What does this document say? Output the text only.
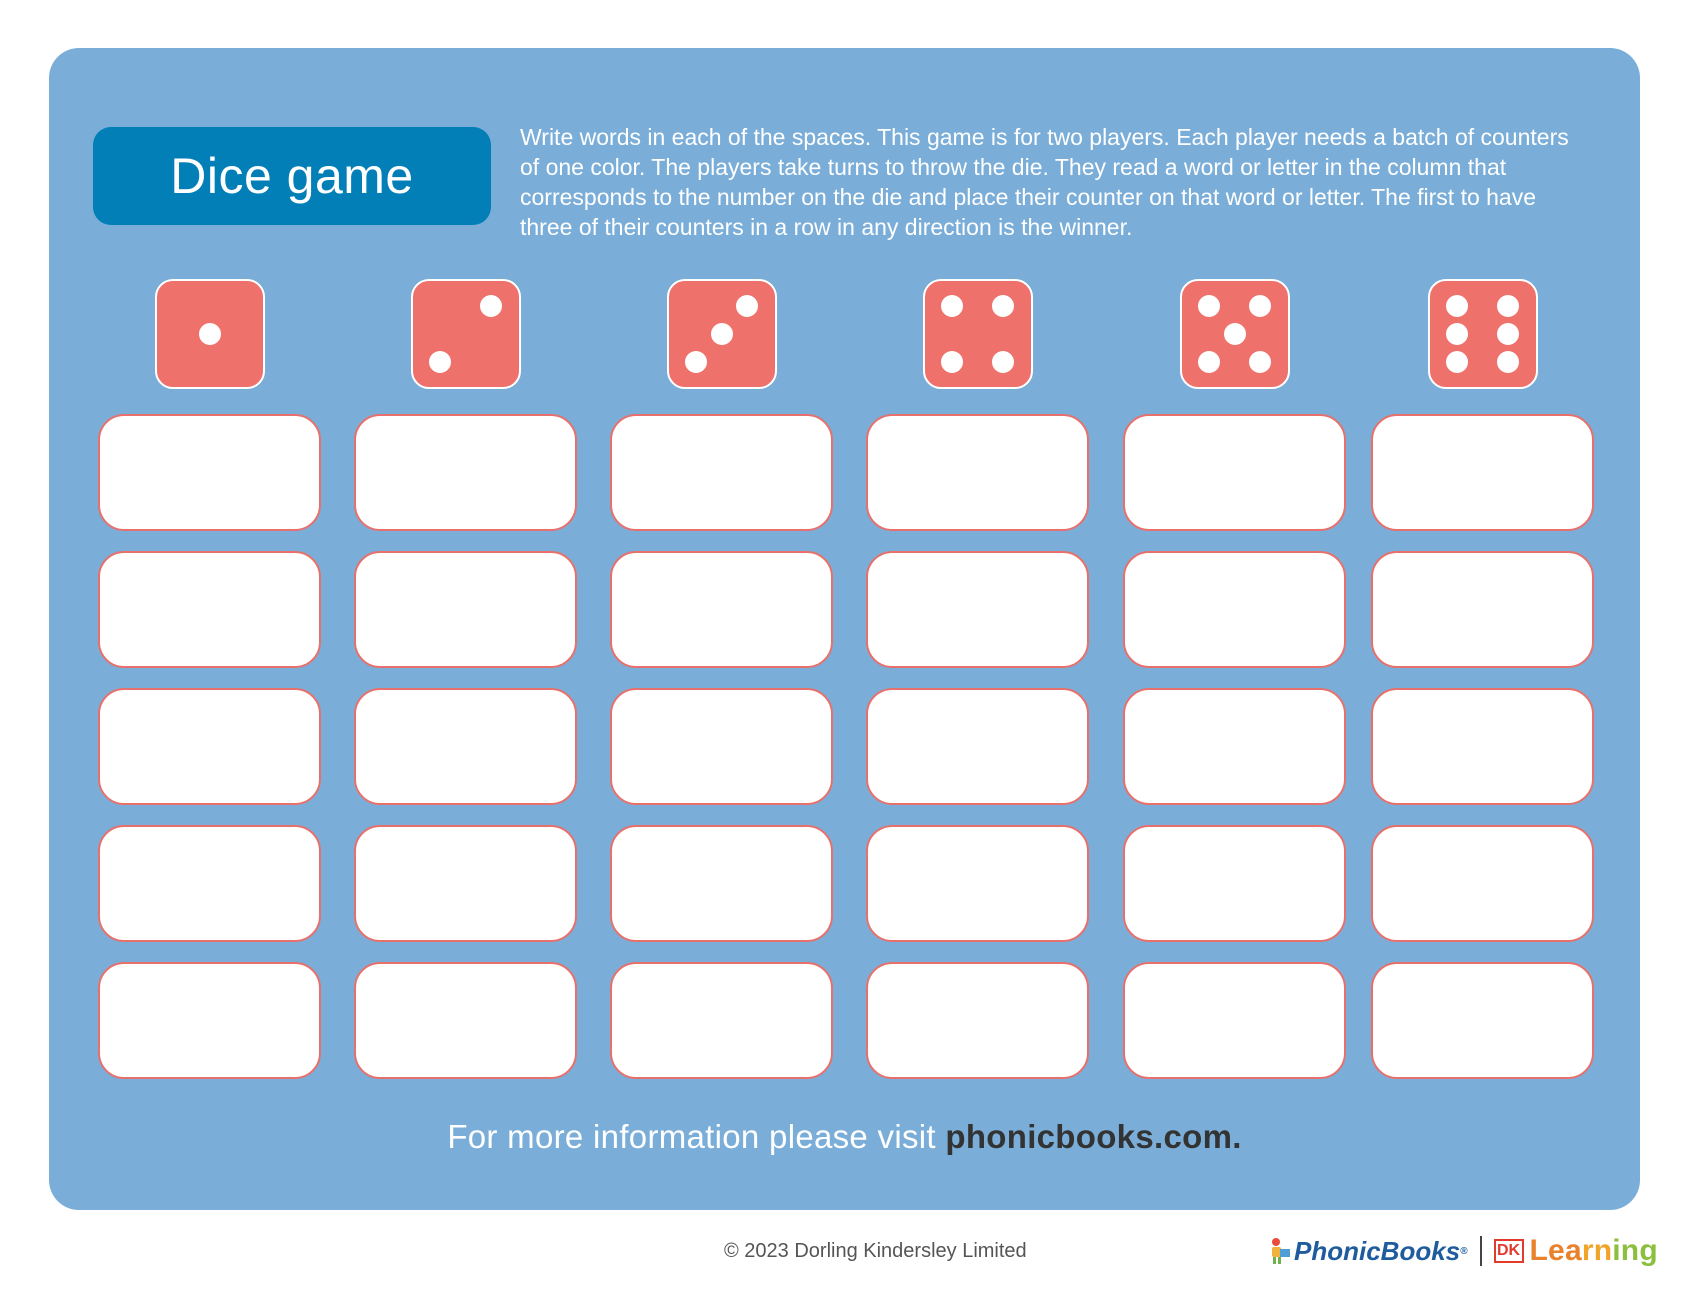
Dice game
Write words in each of the spaces. This game is for two players. Each player needs a batch of counters of one color. The players take turns to throw the die. They read a word or letter in the column that corresponds to the number on the die and place their counter on that word or letter. The first to have three of their counters in a row in any direction is the winner.
For more information please visit phonicbooks.com.
© 2023 Dorling Kindersley Limited	PhonicBooks ® DK Learning
